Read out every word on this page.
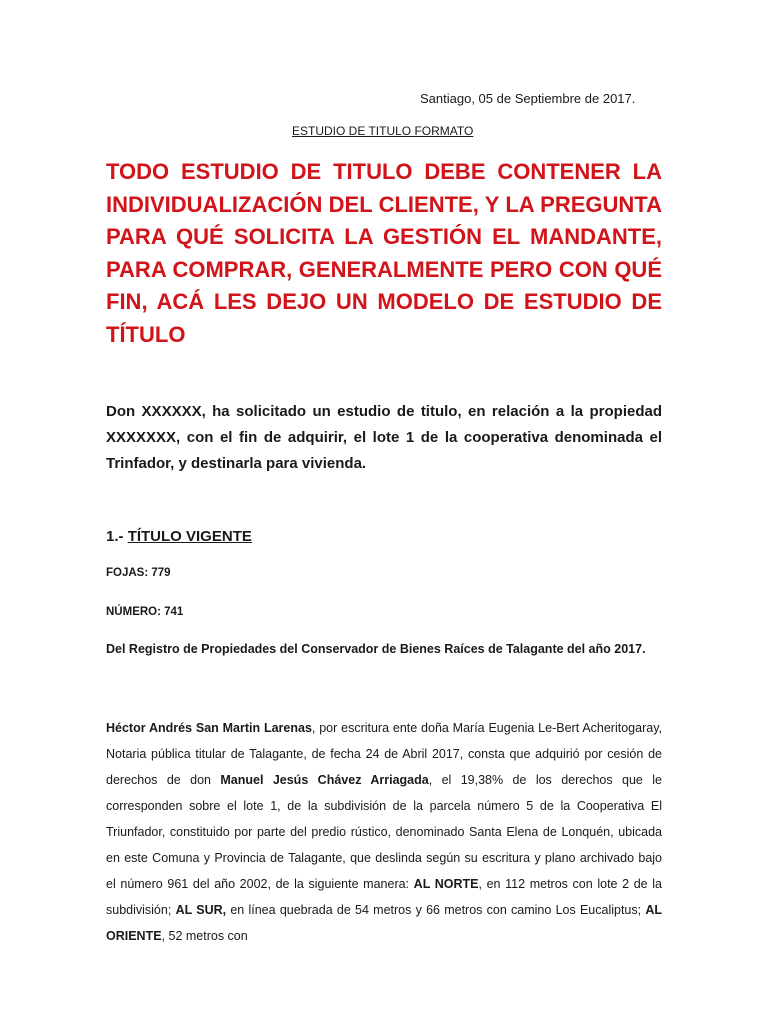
Santiago, 05 de Septiembre de 2017.
ESTUDIO DE TITULO FORMATO
TODO ESTUDIO DE TITULO DEBE CONTENER LA INDIVIDUALIZACIÓN DEL CLIENTE, Y LA PREGUNTA PARA QUÉ SOLICITA LA GESTIÓN EL MANDANTE, PARA COMPRAR, GENERALMENTE PERO CON QUÉ FIN, ACÁ LES DEJO UN MODELO DE ESTUDIO DE TÍTULO
Don XXXXXX, ha solicitado un estudio de titulo, en relación a la propiedad XXXXXXX, con el fin de adquirir, el lote 1 de la cooperativa denominada el Trinfador, y destinarla para vivienda.
1.- TÍTULO VIGENTE
FOJAS: 779
NÚMERO: 741
Del Registro de Propiedades del Conservador de Bienes Raíces de Talagante del año 2017.
Héctor Andrés San Martin Larenas, por escritura ente doña María Eugenia Le-Bert Acheritogaray, Notaria pública titular de Talagante, de fecha 24 de Abril 2017, consta que adquirió por cesión de derechos de don Manuel Jesús Chávez Arriagada, el 19,38% de los derechos que le corresponden sobre el lote 1, de la subdivisión de la parcela número 5 de la Cooperativa El Triunfador, constituido por parte del predio rústico, denominado Santa Elena de Lonquén, ubicada en este Comuna y Provincia de Talagante, que deslinda según su escritura y plano archivado bajo el número 961 del año 2002, de la siguiente manera: AL NORTE, en 112 metros con lote 2 de la subdivisión; AL SUR, en línea quebrada de 54 metros y 66 metros con camino Los Eucaliptus; AL ORIENTE, 52 metros con
